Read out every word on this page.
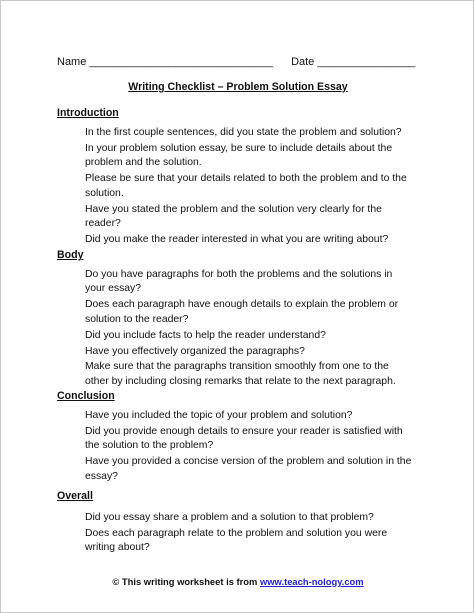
Name ______________________________ Date ________________
Writing Checklist – Problem Solution Essay
Introduction
In the first couple sentences, did you state the problem and solution?
In your problem solution essay, be sure to include details about the problem and the solution.
Please be sure that your details related to both the problem and to the solution.
Have you stated the problem and the solution very clearly for the reader?
Did you make the reader interested in what you are writing about?
Body
Do you have paragraphs for both the problems and the solutions in your essay?
Does each paragraph have enough details to explain the problem or solution to the reader?
Did you include facts to help the reader understand?
Have you effectively organized the paragraphs?
Make sure that the paragraphs transition smoothly from one to the other by including closing remarks that relate to the next paragraph.
Conclusion
Have you included the topic of your problem and solution?
Did you provide enough details to ensure your reader is satisfied with the solution to the problem?
Have you provided a concise version of the problem and solution in the essay?
Overall
Did you essay share a problem and a solution to that problem?
Does each paragraph relate to the problem and solution you were writing about?
© This writing worksheet is from www.teach-nology.com
